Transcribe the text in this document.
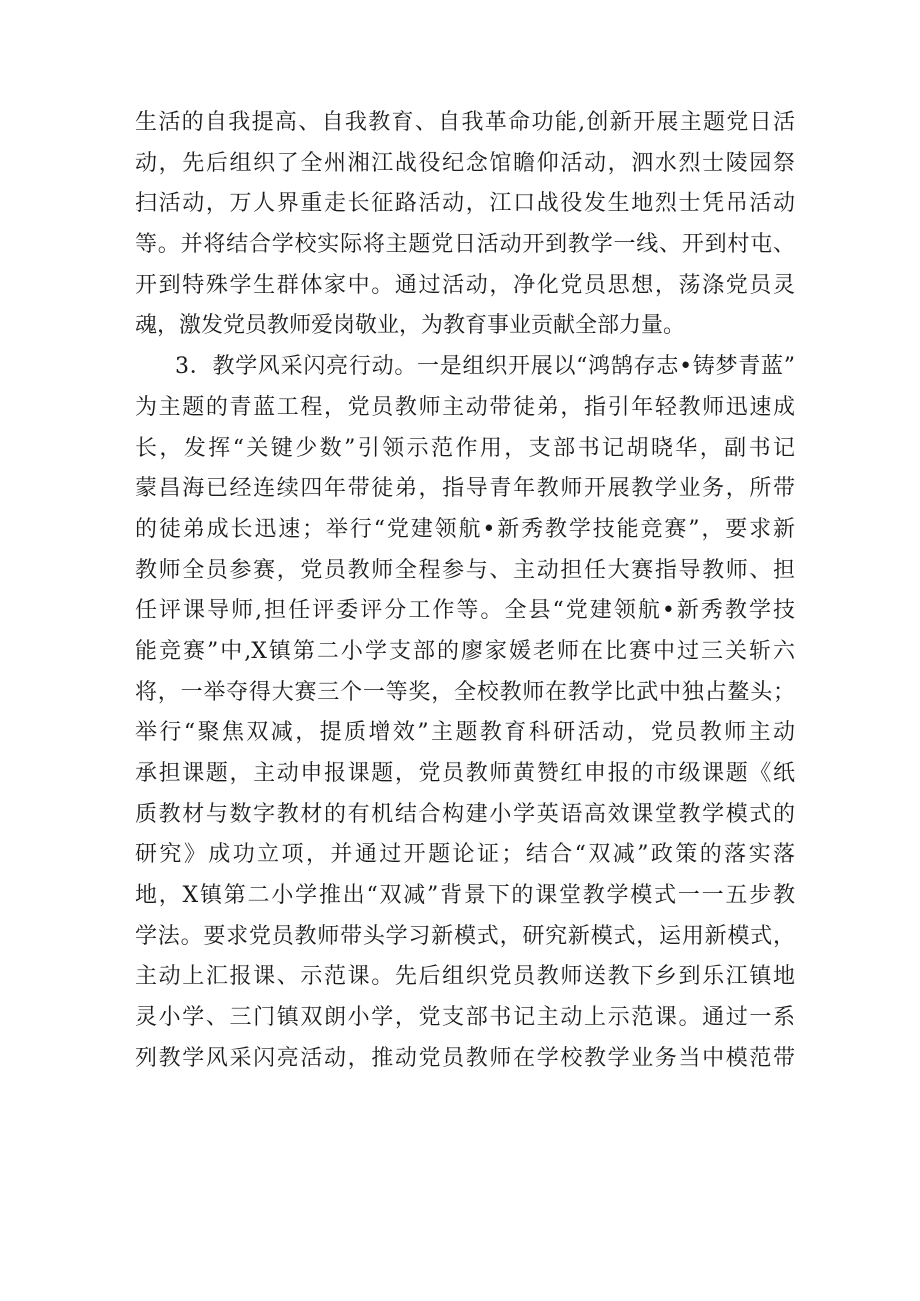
生活的自我提高、自我教育、自我革命功能,创新开展主题党日活
动，先后组织了全州湘江战役纪念馆瞻仰活动，泗水烈士陵园祭
扫活动，万人界重走长征路活动，江口战役发生地烈士凭吊活动
等。并将结合学校实际将主题党日活动开到教学一线、开到村屯、
开到特殊学生群体家中。通过活动，净化党员思想，荡涤党员灵
魂，激发党员教师爱岗敬业，为教育事业贡献全部力量。
3．教学风采闪亮行动。一是组织开展以“鸿鹄存志•铸梦青蓝”
为主题的青蓝工程，党员教师主动带徒弟，指引年轻教师迅速成
长，发挥“关键少数”引领示范作用，支部书记胡晓华，副书记
蒙昌海已经连续四年带徒弟，指导青年教师开展教学业务，所带
的徒弟成长迅速；举行“党建领航•新秀教学技能竞赛”，要求新
教师全员参赛，党员教师全程参与、主动担任大赛指导教师、担
任评课导师,担任评委评分工作等。全县“党建领航•新秀教学技
能竞赛”中,X镇第二小学支部的廖家媛老师在比赛中过三关斩六
将，一举夺得大赛三个一等奖，全校教师在教学比武中独占鳌头；
举行“聚焦双减，提质增效”主题教育科研活动，党员教师主动
承担课题，主动申报课题，党员教师黄赞红申报的市级课题《纸
质教材与数字教材的有机结合构建小学英语高效课堂教学模式的
研究》成功立项，并通过开题论证；结合“双减”政策的落实落
地，X镇第二小学推出“双减”背景下的课堂教学模式一一五步教
学法。要求党员教师带头学习新模式，研究新模式，运用新模式，
主动上汇报课、示范课。先后组织党员教师送教下乡到乐江镇地
灵小学、三门镇双朗小学，党支部书记主动上示范课。通过一系
列教学风采闪亮活动，推动党员教师在学校教学业务当中模范带
